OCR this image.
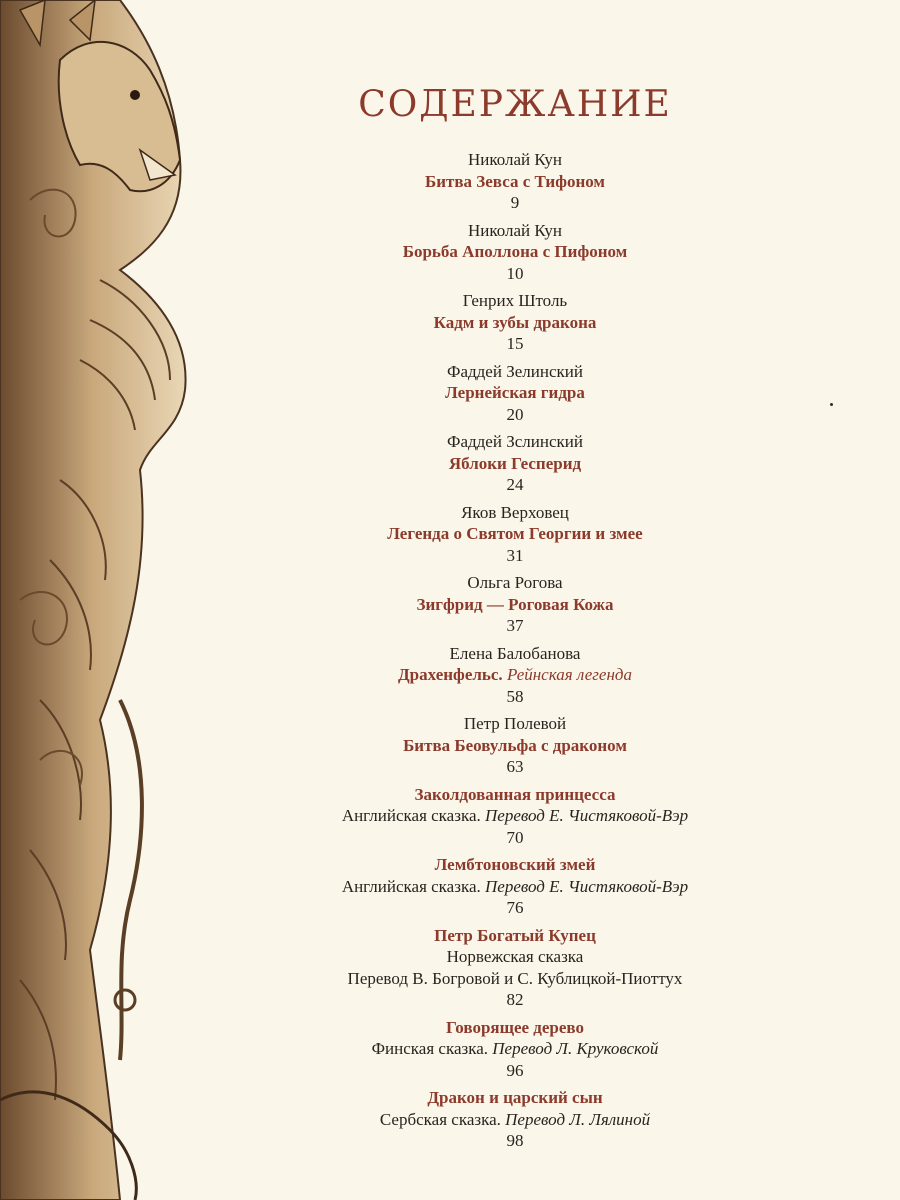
СОДЕРЖАНИЕ
Николай Кун
Битва Зевса с Тифоном
9
Николай Кун
Борьба Аполлона с Пифоном
10
Генрих Штоль
Кадм и зубы дракона
15
Фаддей Зелинский
Лернейская гидра
20
Фаддей Зслинский
Яблоки Гесперид
24
Яков Верховец
Легенда о Святом Георгии и змее
31
Ольга Рогова
Зигфрид — Роговая Кожа
37
Елена Балобанова
Драхенфельс. Рейнская легенда
58
Петр Полевой
Битва Беовульфа с драконом
63
Заколдованная принцесса
Английская сказка. Перевод Е. Чистяковой-Вэр
70
Лембтоновский змей
Английская сказка. Перевод Е. Чистяковой-Вэр
76
Петр Богатый Купец
Норвежская сказка
Перевод В. Богровой и С. Кублицкой-Пиоттух
82
Говорящее дерево
Финская сказка. Перевод Л. Круковской
96
Дракон и царский сын
Сербская сказка. Перевод Л. Лялиной
98
